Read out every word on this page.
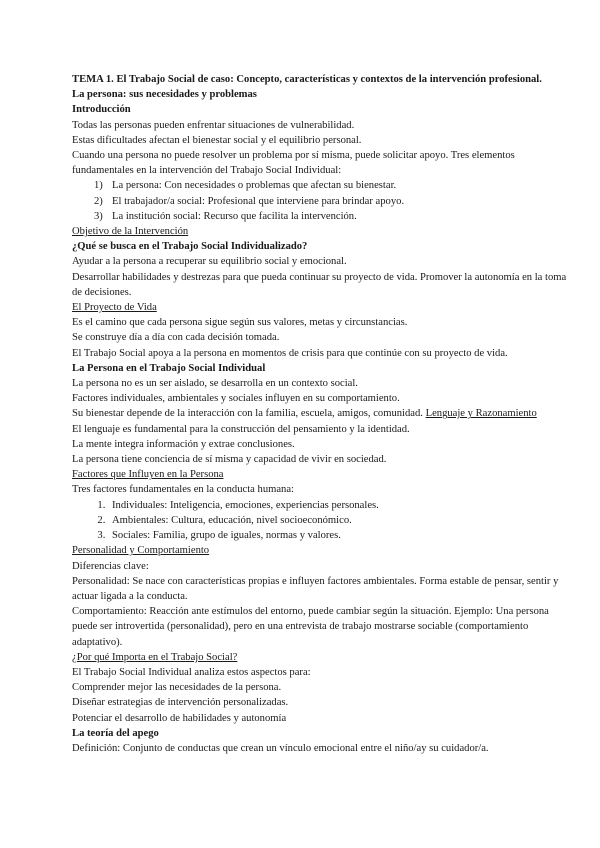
TEMA 1. El Trabajo Social de caso: Concepto, características y contextos de la intervención profesional.

La persona: sus necesidades y problemas

Introducción

Todas las personas pueden enfrentar situaciones de vulnerabilidad.

Estas dificultades afectan el bienestar social y el equilibrio personal.

Cuando una persona no puede resolver un problema por sí misma, puede solicitar apoyo. Tres elementos fundamentales en la intervención del Trabajo Social Individual:

1) La persona: Con necesidades o problemas que afectan su bienestar.
2) El trabajador/a social: Profesional que interviene para brindar apoyo.
3) La institución social: Recurso que facilita la intervención.

Objetivo de la Intervención

¿Qué se busca en el Trabajo Social Individualizado?

Ayudar a la persona a recuperar su equilibrio social y emocional.

Desarrollar habilidades y destrezas para que pueda continuar su proyecto de vida. Promover la autonomía en la toma de decisiones.

El Proyecto de Vida

Es el camino que cada persona sigue según sus valores, metas y circunstancias.

Se construye día a día con cada decisión tomada.

El Trabajo Social apoya a la persona en momentos de crisis para que continúe con su proyecto de vida.

La Persona en el Trabajo Social Individual

La persona no es un ser aislado, se desarrolla en un contexto social.

Factores individuales, ambientales y sociales influyen en su comportamiento.

Su bienestar depende de la interacción con la familia, escuela, amigos, comunidad. Lenguaje y Razonamiento

El lenguaje es fundamental para la construcción del pensamiento y la identidad.

La mente integra información y extrae conclusiones.

La persona tiene conciencia de sí misma y capacidad de vivir en sociedad.

Factores que Influyen en la Persona

Tres factores fundamentales en la conducta humana:

1. Individuales: Inteligencia, emociones, experiencias personales.
2. Ambientales: Cultura, educación, nivel socioeconómico.
3. Sociales: Familia, grupo de iguales, normas y valores.

Personalidad y Comportamiento

Diferencias clave:

Personalidad: Se nace con características propias e influyen factores ambientales. Forma estable de pensar, sentir y actuar ligada a la conducta.

Comportamiento: Reacción ante estímulos del entorno, puede cambiar según la situación. Ejemplo: Una persona puede ser introvertida (personalidad), pero en una entrevista de trabajo mostrarse sociable (comportamiento adaptativo).

¿Por qué Importa en el Trabajo Social?

El Trabajo Social Individual analiza estos aspectos para:

Comprender mejor las necesidades de la persona.

Diseñar estrategias de intervención personalizadas.

Potenciar el desarrollo de habilidades y autonomía

La teoría del apego

Definición: Conjunto de conductas que crean un vínculo emocional entre el niño/ay su cuidador/a.
